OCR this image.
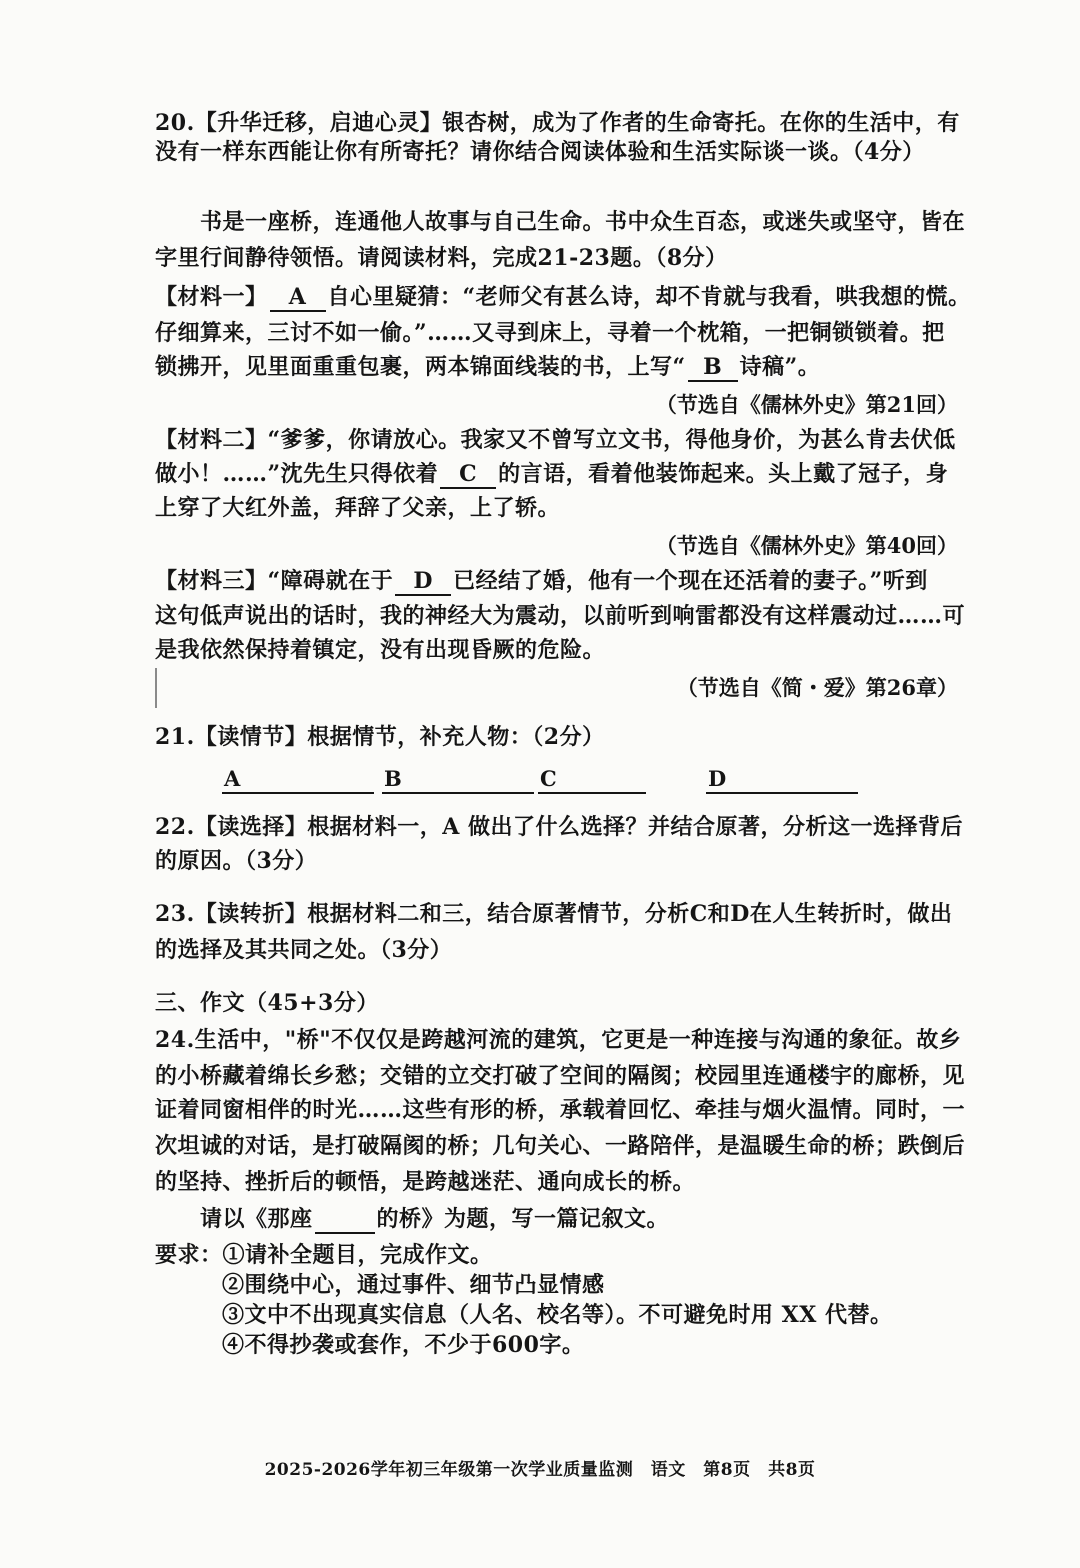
20.【升华迁移，启迪心灵】银杏树，成为了作者的生命寄托。在你的生活中，有
没有一样东西能让你有所寄托？请你结合阅读体验和生活实际谈一谈。（4分）
书是一座桥，连通他人故事与自己生命。书中众生百态，或迷失或坚守，皆在
字里行间静待领悟。请阅读材料，完成21-23题。（8分）
【材料一】 A 自心里疑猜：“老师父有甚么诗，却不肯就与我看，哄我想的慌。
仔细算来，三讨不如一偷。”……又寻到床上，寻着一个枕箱，一把铜锁锁着。把
锁拂开，见里面重重包裹，两本锦面线装的书，上写“ B 诗稿”。
（节选自《儒林外史》第21回）
【材料二】“爹爹，你请放心。我家又不曾写立文书，得他身价，为甚么肯去伏低
做小！……”沈先生只得依着 C 的言语，看着他装饰起来。头上戴了冠子，身
上穿了大红外盖，拜辞了父亲，上了轿。
（节选自《儒林外史》第40回）
【材料三】“障碍就在于 D 已经结了婚，他有一个现在还活着的妻子。”听到
这句低声说出的话时，我的神经大为震动，以前听到响雷都没有这样震动过……可
是我依然保持着镇定，没有出现昏厥的危险。
（节选自《简・爱》第26章）
21.【读情节】根据情节，补充人物：（2分）
A	B	C	D
22.【读选择】根据材料一，A 做出了什么选择？并结合原著，分析这一选择背后
的原因。（3分）
23.【读转折】根据材料二和三，结合原著情节，分析C和D在人生转折时，做出
的选择及其共同之处。（3分）
三、作文（45+3分）
24.生活中，"桥"不仅仅是跨越河流的建筑，它更是一种连接与沟通的象征。故乡
的小桥藏着绵长乡愁；交错的立交打破了空间的隔阂；校园里连通楼宇的廊桥，见
证着同窗相伴的时光……这些有形的桥，承载着回忆、牵挂与烟火温情。同时，一
次坦诚的对话，是打破隔阂的桥；几句关心、一路陪伴，是温暖生命的桥；跌倒后
的坚持、挫折后的顿悟，是跨越迷茫、通向成长的桥。
请以《那座	的桥》为题，写一篇记叙文。
要求：①请补全题目，完成作文。
②围绕中心，通过事件、细节凸显情感
③文中不出现真实信息（人名、校名等）。不可避免时用 XX 代替。
④不得抄袭或套作，不少于600字。
2025-2026学年初三年级第一次学业质量监测　语文　第8页　共8页
